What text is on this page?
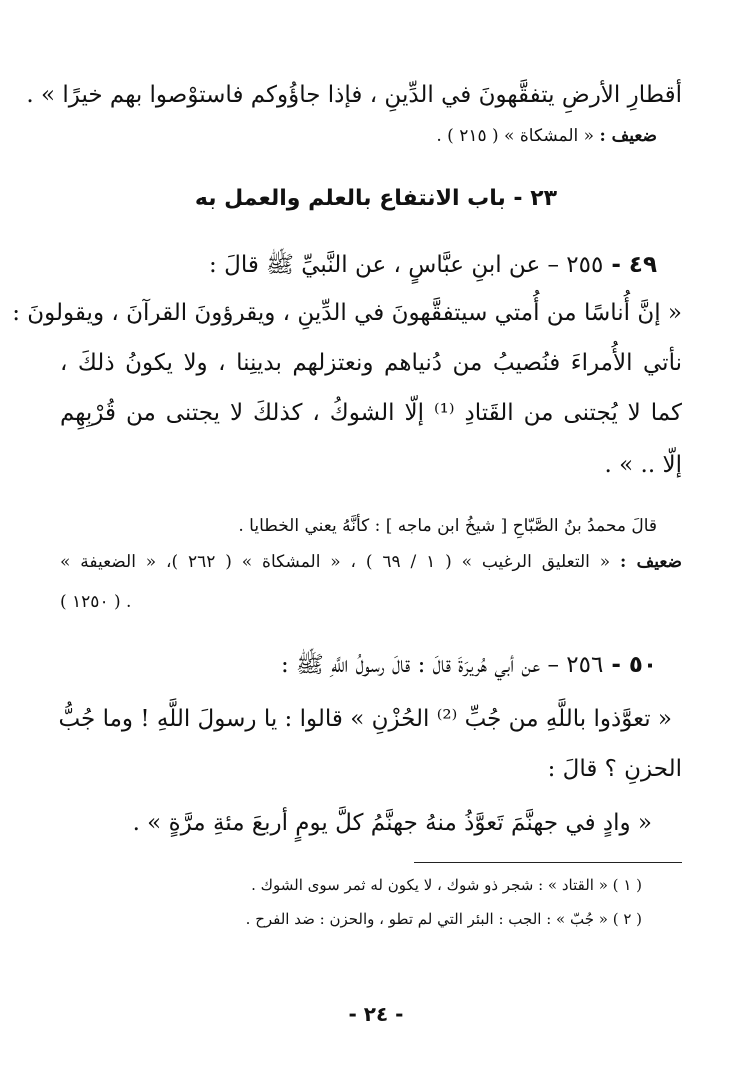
أقطارِ الأرضِ يتفقَّهونَ في الدِّينِ ، فإذا جاؤُوكم فاستوْصوا بهم خيرًا » .
ضعيف : « المشكاة » ( ٢١٥ ) .
٢٣ - باب الانتفاع بالعلم والعمل به
٤٩ - ٢٥٥ – عن ابنِ عبَّاسٍ ، عن النَّبيِّ ﷺ قالَ :
« إنَّ أُناسًا من أُمتي سيتفقَّهونَ في الدِّينِ ، ويقرؤونَ القرآنَ ، ويقولونَ :
نأتي الأُمراءَ فنُصيبُ من دُنياهم ونعتزلهم بدينِنا ، ولا يكونُ ذلكَ ،
كما لا يُجتنى من القَتادِ ⁽¹⁾ إلّا الشوكُ ، كذلكَ لا يجتنى من قُرْبِهِم
إلّا .. » .
قالَ محمدُ بنُ الصَّبّاحِ [ شيخُ ابن ماجه ] : كأنَّهُ يعني الخطايا .
ضعيف : « التعليق الرغيب » ( ١ / ٦٩ ) ، « المشكاة » ( ٢٦٢ )، « الضعيفة »
. ( ١٢٥٠ )
٥٠ - ٢٥٦ – عن أبي هُريرَةَ قالَ : قالَ رسولُ اللَّهِ ﷺ :
« تعوَّذوا باللَّهِ من جُبِّ ⁽²⁾ الحُزْنِ » قالوا : يا رسولَ اللَّهِ ! وما جُبُّ
الحزنِ ؟ قالَ :
« وادٍ في جهنَّمَ تَعوَّذُ منهُ جهنَّمُ كلَّ يومٍ أربعَ مئةِ مرَّةٍ » .
( ١ ) « القتاد » : شجر ذو شوك ، لا يكون له ثمر سوى الشوك .
( ٢ ) « جُبّ » : الجب : البئر التي لم تطو ، والحزن : ضد الفرح .
- ٢٤ -
